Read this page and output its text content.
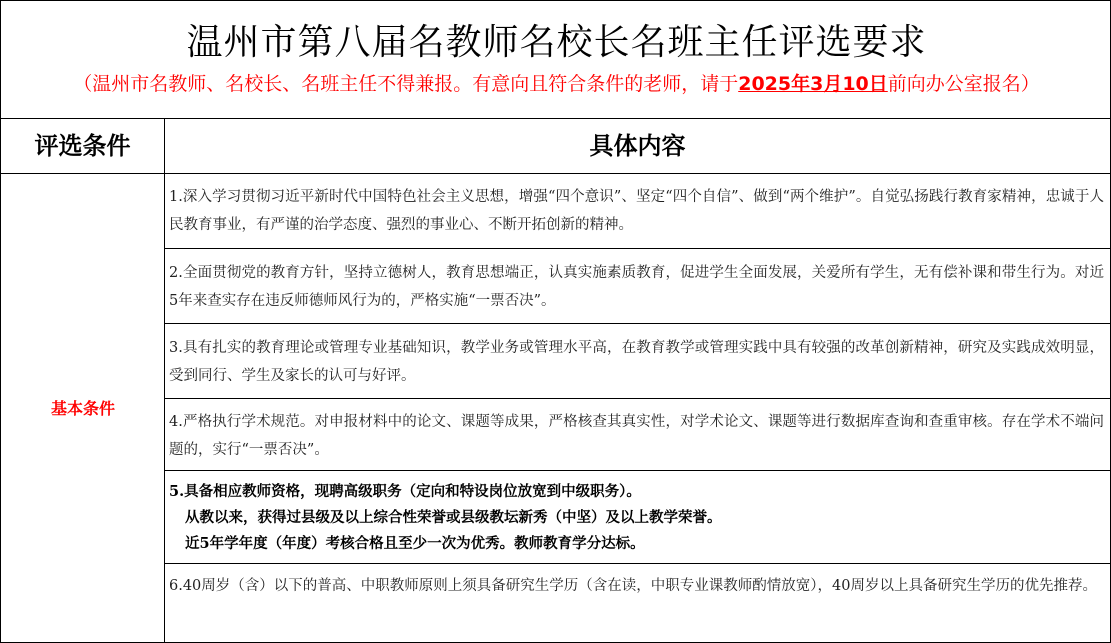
温州市第八届名教师名校长名班主任评选要求
（温州市名教师、名校长、名班主任不得兼报。有意向且符合条件的老师，请于2025年3月10日前向办公室报名）
评选条件	具体内容
基本条件
1.深入学习贯彻习近平新时代中国特色社会主义思想，增强“四个意识”、坚定“四个自信”、做到“两个维护”。自觉弘扬践行教育家精神，忠诚于人民教育事业，有严谨的治学态度、强烈的事业心、不断开拓创新的精神。
2.全面贯彻党的教育方针，坚持立德树人，教育思想端正，认真实施素质教育，促进学生全面发展，关爱所有学生，无有偿补课和带生行为。对近5年来查实存在违反师德师风行为的，严格实施“一票否决”。
3.具有扎实的教育理论或管理专业基础知识，教学业务或管理水平高，在教育教学或管理实践中具有较强的改革创新精神，研究及实践成效明显，受到同行、学生及家长的认可与好评。
4.严格执行学术规范。对申报材料中的论文、课题等成果，严格核查其真实性，对学术论文、课题等进行数据库查询和查重审核。存在学术不端问题的，实行“一票否决”。
5.具备相应教师资格，现聘高级职务（定向和特设岗位放宽到中级职务）。
从教以来，获得过县级及以上综合性荣誉或县级教坛新秀（中坚）及以上教学荣誉。
近5年学年度（年度）考核合格且至少一次为优秀。教师教育学分达标。
6.40周岁（含）以下的普高、中职教师原则上须具备研究生学历（含在读，中职专业课教师酌情放宽），40周岁以上具备研究生学历的优先推荐。
